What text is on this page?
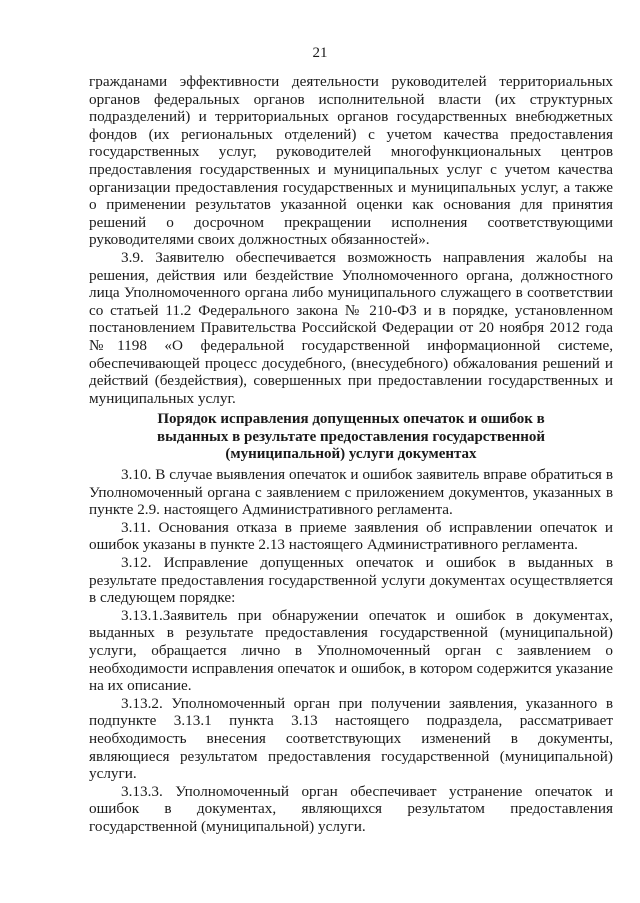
21

гражданами эффективности деятельности руководителей территориальных органов федеральных органов исполнительной власти (их структурных подразделений) и территориальных органов государственных внебюджетных фондов (их региональных отделений) с учетом качества предоставления государственных услуг, руководителей многофункциональных центров предоставления государственных и муниципальных услуг с учетом качества организации предоставления государственных и муниципальных услуг, а также о применении результатов указанной оценки как основания для принятия решений о досрочном прекращении исполнения соответствующими руководителями своих должностных обязанностей».

3.9. Заявителю обеспечивается возможность направления жалобы на решения, действия или бездействие Уполномоченного органа, должностного лица Уполномоченного органа либо муниципального служащего в соответствии со статьей 11.2 Федерального закона № 210-ФЗ и в порядке, установленном постановлением Правительства Российской Федерации от 20 ноября 2012 года №1198 «О федеральной государственной информационной системе, обеспечивающей процесс досудебного, (внесудебного) обжалования решений и действий (бездействия), совершенных при предоставлении государственных и муниципальных услуг.

Порядок исправления допущенных опечаток и ошибок в
выданных в результате предоставления государственной
(муниципальной) услуги документах

3.10. В случае выявления опечаток и ошибок заявитель вправе обратиться в Уполномоченный органа с заявлением с приложением документов, указанных в пункте 2.9. настоящего Административного регламента.

3.11. Основания отказа в приеме заявления об исправлении опечаток и ошибок указаны в пункте 2.13 настоящего Административного регламента.

3.12. Исправление допущенных опечаток и ошибок в выданных в результате предоставления государственной услуги документах осуществляется в следующем порядке:

3.13.1.Заявитель при обнаружении опечаток и ошибок в документах, выданных в результате предоставления государственной (муниципальной) услуги, обращается лично в Уполномоченный орган с заявлением о необходимости исправления опечаток и ошибок, в котором содержится указание на их описание.

3.13.2. Уполномоченный орган при получении заявления, указанного в подпункте 3.13.1 пункта 3.13 настоящего подраздела, рассматривает необходимость внесения соответствующих изменений в документы, являющиеся результатом предоставления государственной (муниципальной) услуги.

3.13.3. Уполномоченный орган обеспечивает устранение опечаток и ошибок в документах, являющихся результатом предоставления государственной (муниципальной) услуги.
